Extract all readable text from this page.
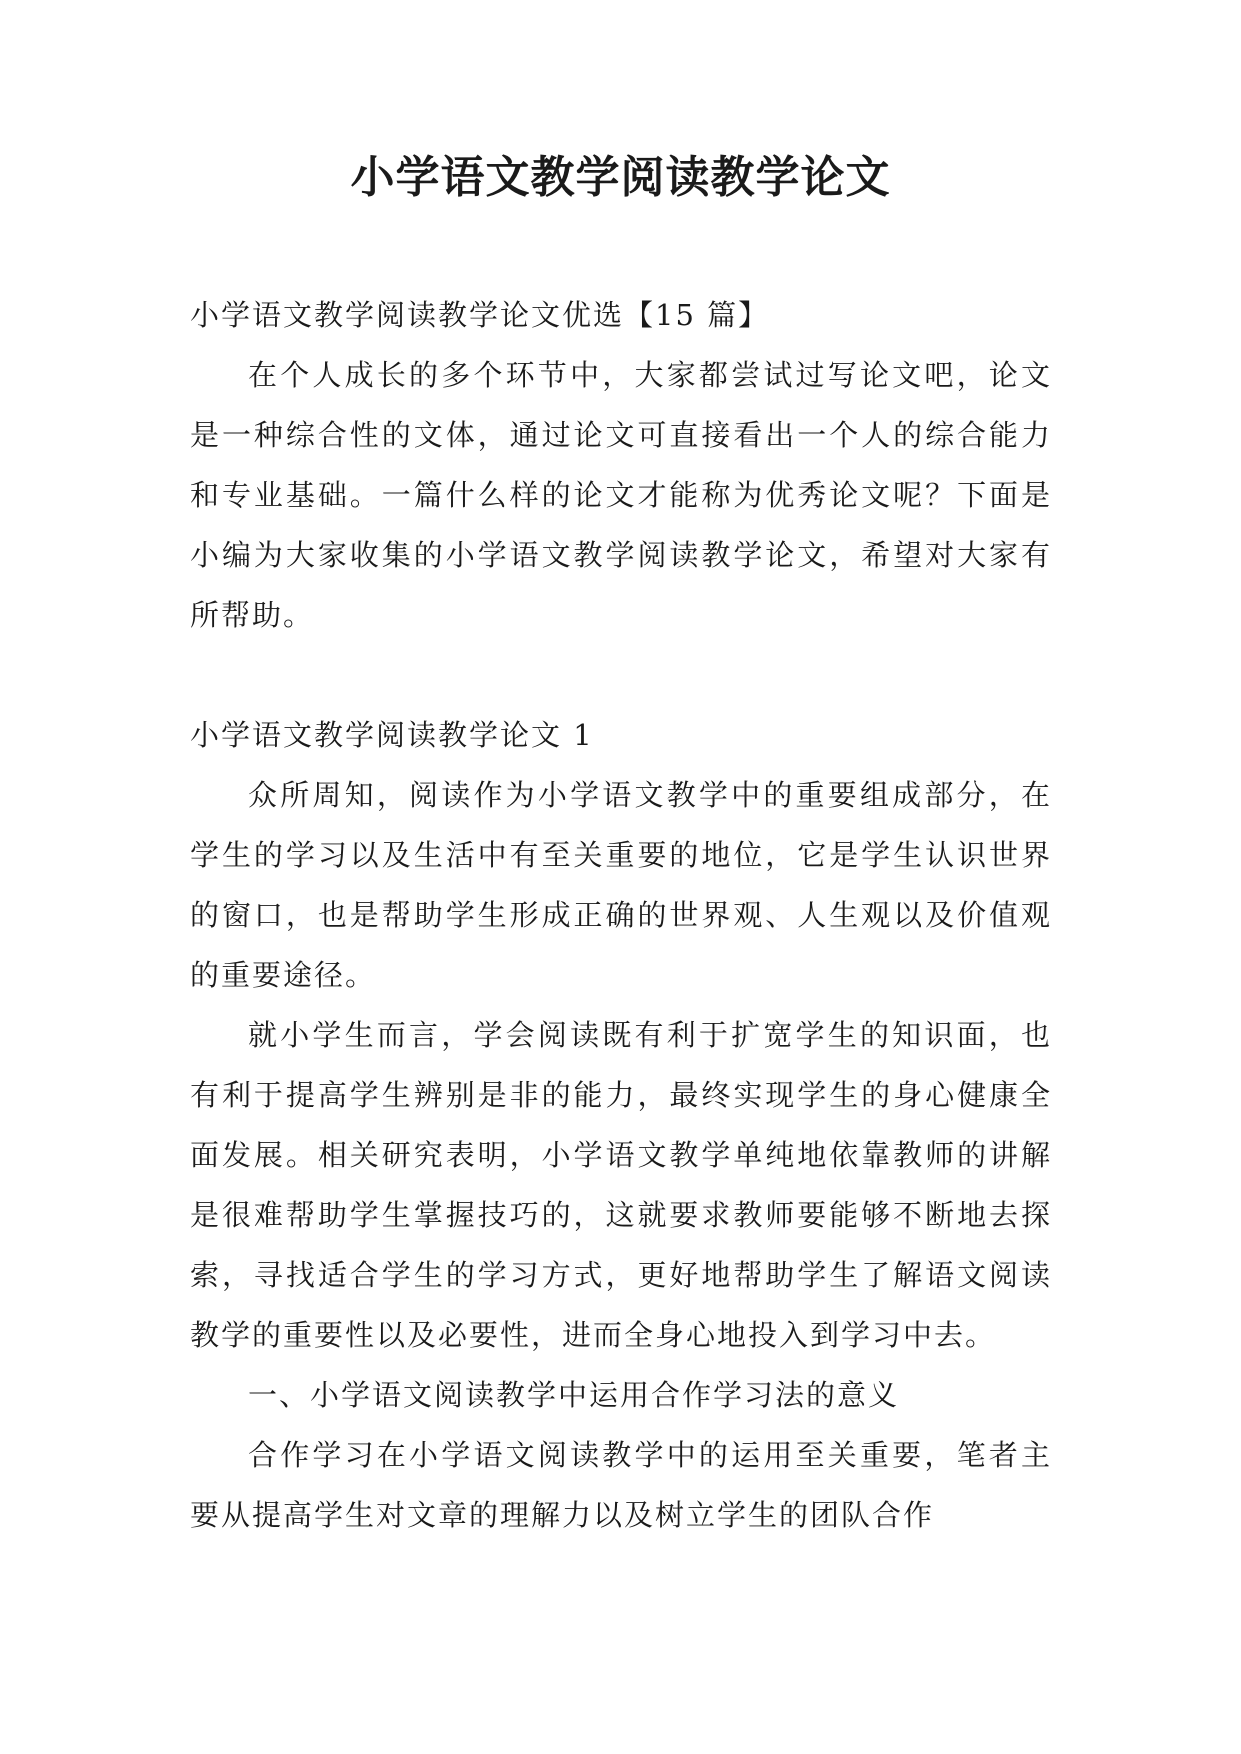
小学语文教学阅读教学论文

小学语文教学阅读教学论文优选【15 篇】

在个人成长的多个环节中，大家都尝试过写论文吧，论文是一种综合性的文体，通过论文可直接看出一个人的综合能力和专业基础。一篇什么样的论文才能称为优秀论文呢？下面是小编为大家收集的小学语文教学阅读教学论文，希望对大家有所帮助。

小学语文教学阅读教学论文 1

众所周知，阅读作为小学语文教学中的重要组成部分，在学生的学习以及生活中有至关重要的地位，它是学生认识世界的窗口，也是帮助学生形成正确的世界观、人生观以及价值观的重要途径。

就小学生而言，学会阅读既有利于扩宽学生的知识面，也有利于提高学生辨别是非的能力，最终实现学生的身心健康全面发展。相关研究表明，小学语文教学单纯地依靠教师的讲解是很难帮助学生掌握技巧的，这就要求教师要能够不断地去探索，寻找适合学生的学习方式，更好地帮助学生了解语文阅读教学的重要性以及必要性，进而全身心地投入到学习中去。

一、小学语文阅读教学中运用合作学习法的意义

合作学习在小学语文阅读教学中的运用至关重要，笔者主要从提高学生对文章的理解力以及树立学生的团队合作
